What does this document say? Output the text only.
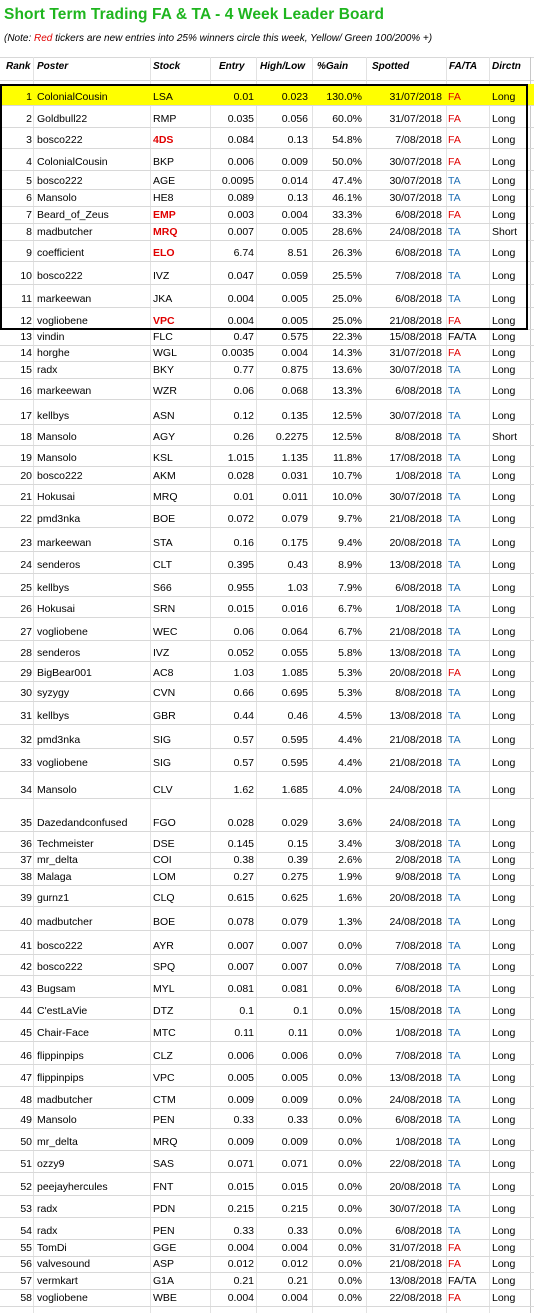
Short Term Trading FA & TA - 4 Week Leader Board
(Note: Red tickers are new entries into 25% winners circle this week, Yellow/ Green 100/200% +)
Rank Poster	Stock	Entry High/Low %Gain Spotted	FA/TA Dirctn
1 ColonialCousin	LSA	0.01	0.023	130.0%	31/07/2018 FA	Long
2 Goldbull22	RMP	0.035	0.056	60.0%	31/07/2018 FA	Long
3 bosco222	4DS	0.084	0.13	54.8%	7/08/2018 FA	Long
4 ColonialCousin	BKP	0.006	0.009	50.0%	30/07/2018 FA	Long
5 bosco222	AGE	0.0095	0.014	47.4%	30/07/2018 TA	Long
6 Mansolo	HE8	0.089	0.13	46.1%	30/07/2018 TA	Long
7 Beard_of_Zeus	EMP	0.003	0.004	33.3%	6/08/2018 FA	Long
8 madbutcher	MRQ	0.007	0.005	28.6%	24/08/2018 TA	Short
9 coefficient	ELO	6.74	8.51	26.3%	6/08/2018 TA	Long
10 bosco222	IVZ	0.047	0.059	25.5%	7/08/2018 TA	Long
11 markeewan	JKA	0.004	0.005	25.0%	6/08/2018 TA	Long
12 vogliobene	VPC	0.004	0.005	25.0%	21/08/2018 FA	Long
13 vindin	FLC	0.47	0.575	22.3%	15/08/2018 FA/TA Long
14 horghe	WGL	0.0035	0.004	14.3%	31/07/2018 FA	Long
15 radx	BKY	0.77	0.875	13.6%	30/07/2018 TA	Long
16 markeewan	WZR	0.06	0.068	13.3%	6/08/2018 TA	Long
17 kellbys	ASN	0.12	0.135	12.5%	30/07/2018 TA	Long
18 Mansolo	AGY	0.26	0.2275	12.5%	8/08/2018 TA	Short
19 Mansolo	KSL	1.015	1.135	11.8%	17/08/2018 TA	Long
20 bosco222	AKM	0.028	0.031	10.7%	1/08/2018 TA	Long
21 Hokusai	MRQ	0.01	0.011	10.0%	30/07/2018 TA	Long
22 pmd3nka	BOE	0.072	0.079	9.7%	21/08/2018 TA	Long
23 markeewan	STA	0.16	0.175	9.4%	20/08/2018 TA	Long
24 senderos	CLT	0.395	0.43	8.9%	13/08/2018 TA	Long
25 kellbys	S66	0.955	1.03	7.9%	6/08/2018 TA	Long
26 Hokusai	SRN	0.015	0.016	6.7%	1/08/2018 TA	Long
27 vogliobene	WEC	0.06	0.064	6.7%	21/08/2018 TA	Long
28 senderos	IVZ	0.052	0.055	5.8%	13/08/2018 TA	Long
29 BigBear001	AC8	1.03	1.085	5.3%	20/08/2018 FA	Long
30 syzygy	CVN	0.66	0.695	5.3%	8/08/2018 TA	Long
31 kellbys	GBR	0.44	0.46	4.5%	13/08/2018 TA	Long
32 pmd3nka	SIG	0.57	0.595	4.4%	21/08/2018 TA	Long
33 vogliobene	SIG	0.57	0.595	4.4%	21/08/2018 TA	Long
34 Mansolo	CLV	1.62	1.685	4.0%	24/08/2018 TA	Long
35 Dazedandconfused FGO	0.028	0.029	3.6%	24/08/2018 TA	Long
36 Techmeister	DSE	0.145	0.15	3.4%	3/08/2018 TA	Long
37 mr_delta	COI	0.38	0.39	2.6%	2/08/2018 TA	Long
38 Malaga	LOM	0.27	0.275	1.9%	9/08/2018 TA	Long
39 gurnz1	CLQ	0.615	0.625	1.6%	20/08/2018 TA	Long
40 madbutcher	BOE	0.078	0.079	1.3%	24/08/2018 TA	Long
41 bosco222	AYR	0.007	0.007	0.0%	7/08/2018 TA	Long
42 bosco222	SPQ	0.007	0.007	0.0%	7/08/2018 TA	Long
43 Bugsam	MYL	0.081	0.081	0.0%	6/08/2018 TA	Long
44 C'estLaVie	DTZ	0.1	0.1	0.0%	15/08/2018 TA	Long
45 Chair-Face	MTC	0.11	0.11	0.0%	1/08/2018 TA	Long
46 flippinpips	CLZ	0.006	0.006	0.0%	7/08/2018 TA	Long
47 flippinpips	VPC	0.005	0.005	0.0%	13/08/2018 TA	Long
48 madbutcher	CTM	0.009	0.009	0.0%	24/08/2018 TA	Long
49 Mansolo	PEN	0.33	0.33	0.0%	6/08/2018 TA	Long
50 mr_delta	MRQ	0.009	0.009	0.0%	1/08/2018 TA	Long
51 ozzy9	SAS	0.071	0.071	0.0%	22/08/2018 TA	Long
52 peejayhercules	FNT	0.015	0.015	0.0%	20/08/2018 TA	Long
53 radx	PDN	0.215	0.215	0.0%	30/07/2018 TA	Long
54 radx	PEN	0.33	0.33	0.0%	6/08/2018 TA	Long
55 TomDi	GGE	0.004	0.004	0.0%	31/07/2018 FA	Long
56 valvesound	ASP	0.012	0.012	0.0%	21/08/2018 FA	Long
57 vermkart	G1A	0.21	0.21	0.0%	13/08/2018 FA/TA Long
58 vogliobene	WBE	0.004	0.004	0.0%	22/08/2018 FA	Long
